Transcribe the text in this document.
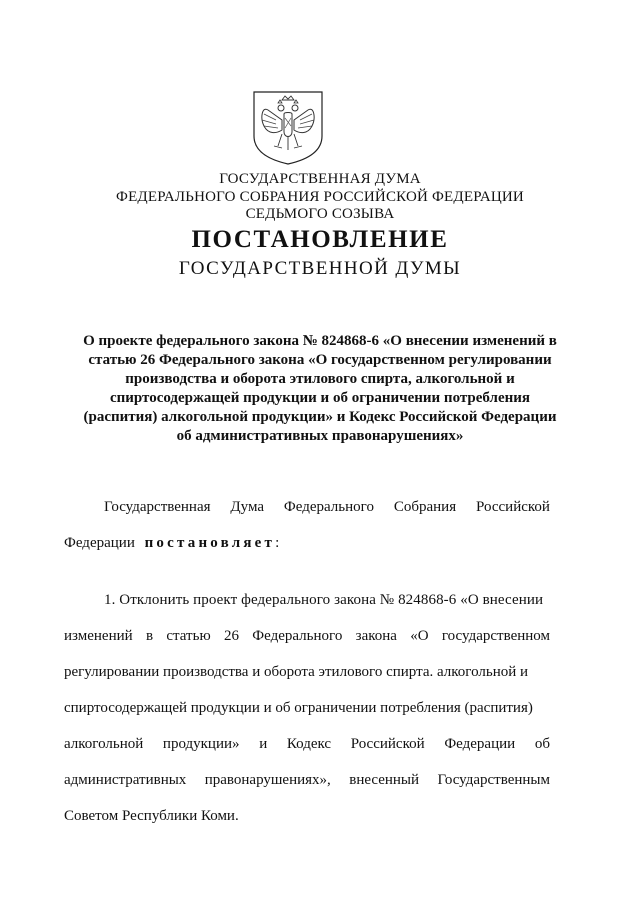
ГОСУДАРСТВЕННАЯ ДУМА
ФЕДЕРАЛЬНОГО СОБРАНИЯ РОССИЙСКОЙ ФЕДЕРАЦИИ
СЕДЬМОГО СОЗЫВА
ПОСТАНОВЛЕНИЕ
ГОСУДАРСТВЕННОЙ ДУМЫ
О проекте федерального закона № 824868-6 «О внесении изменений в
статью 26 Федерального закона «О государственном регулировании
производства и оборота этилового спирта, алкогольной и
спиртосодержащей продукции и об ограничении потребления
(распития) алкогольной продукции» и Кодекс Российской Федерации
об административных правонарушениях»
Государственная Дума Федерального Собрания Российской
Федерации постановляет:
1. Отклонить проект федерального закона № 824868-6 «О внесении
изменений в статью 26 Федерального закона «О государственном
регулировании производства и оборота этилового спирта. алкогольной и
спиртосодержащей продукции и об ограничении потребления (распития)
алкогольной продукции» и Кодекс Российской Федерации об
административных правонарушениях», внесенный Государственным
Советом Республики Коми.
